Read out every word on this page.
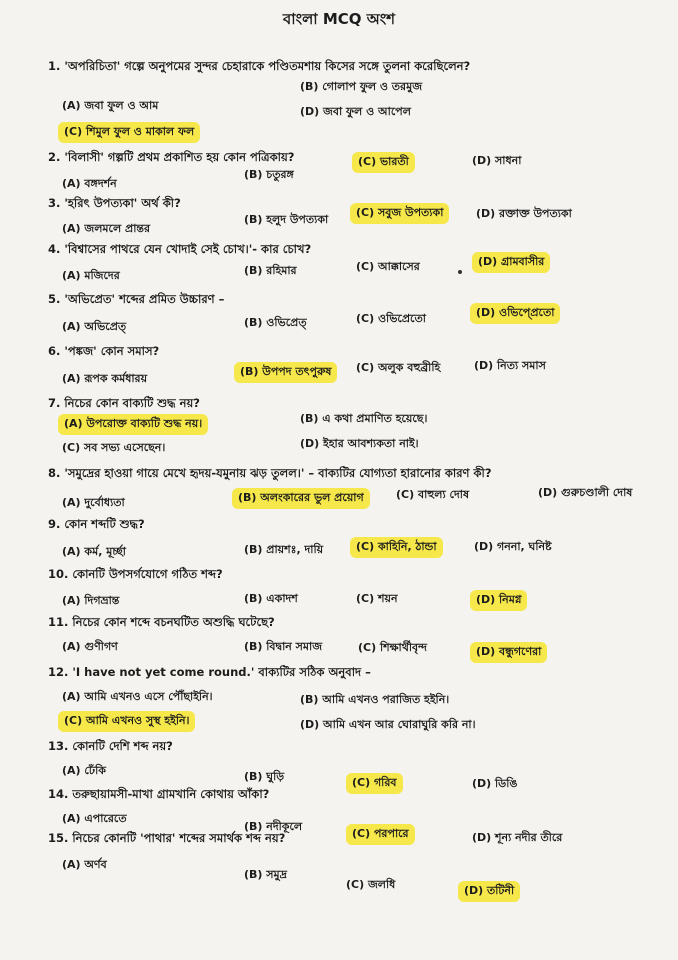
বাংলা MCQ অংশ
1. 'অপরিচিতা' গল্পে অনুপমের সুন্দর চেহারাকে পণ্ডিতমশায় কিসের সঙ্গে তুলনা করেছিলেন?
(A) জবা ফুল ও আম
(B) গোলাপ ফুল ও তরমুজ
(C) শিমুল ফুল ও মাকাল ফল
(D) জবা ফুল ও আপেল
2. 'বিলাসী' গল্পটি প্রথম প্রকাশিত হয় কোন পত্রিকায়?
(A) বঙ্গদর্শন
(B) চতুরঙ্গ
(C) ভারতী	(D) সাধনা
3. 'হরিৎ উপত্যকা' অর্থ কী?
(A) জলমলে প্রান্তর
(B) হলুদ উপত্যকা
(C) সবুজ উপত্যকা	(D) রক্তাক্ত উপত্যকা
4. 'বিশ্বাসের পাথরে যেন খোদাই সেই চোখ।'- কার চোখ?
(A) মজিদের	(B) রহিমার	(C) আক্কাসের	(D) গ্রামবাসীর
5. 'অভিপ্রেত' শব্দের প্রমিত উচ্চারণ –
(A) অভিপ্রেত্	(B) ওভিপ্রেত্	(C) ওভিপ্রেতো	(D) ওভিপ্প্রেতো
6. 'পঙ্কজ' কোন সমাস?
(A) রূপক কর্মধারয়
(B) উপপদ তৎপুরুষ	(C) অলুক বহুব্রীহি	(D) নিত্য সমাস
7. নিচের কোন বাক্যটি শুদ্ধ নয়?
(A) উপরোক্ত বাক্যটি শুদ্ধ নয়।	(B) এ কথা প্রমাণিত হয়েছে।
(C) সব সভ্য এসেছেন।	(D) ইহার আবশ্যকতা নাই।
8. 'সমুদ্রের হাওয়া গায়ে মেখে হৃদয়-যমুনায় ঝড় তুলল।' – বাক্যটির যোগ্যতা হারানোর কারণ কী?
(A) দুর্বোধ্যতা	(B) অলংকারের ভুল প্রয়োগ	(C) বাহুল্য দোষ	(D) গুরুচণ্ডালী দোষ
9. কোন শব্দটি শুদ্ধ?
(A) কর্ম, মূর্চ্ছা	(B) প্রায়শঃ, দায়ি	(C) কাহিনি, ঠান্ডা	(D) গননা, ঘনিষ্ট
10. কোনটি উপসর্গযোগে গঠিত শব্দ?
(A) দিগভ্রান্ত	(B) একাদশ	(C) শয়ন	(D) নিমগ্ন
11. নিচের কোন শব্দে বচনঘটিত অশুদ্ধি ঘটেছে?
(A) গুণীগণ	(B) বিদ্বান সমাজ	(C) শিক্ষার্থীবৃন্দ	(D) বন্ধুগণেরা
12. 'I have not yet come round.' বাক্যটির সঠিক অনুবাদ –
(A) আমি এখনও এসে পৌঁছাইনি।	(B) আমি এখনও পরাজিত হইনি।
(C) আমি এখনও সুস্থ হইনি।	(D) আমি এখন আর ঘোরাঘুরি করি না।
13. কোনটি দেশি শব্দ নয়?
(A) ঢেঁকি	(B) ঘুড়ি	(C) গরিব	(D) ডিঙি
14. তরুছায়ামসী-মাখা গ্রামখানি কোথায় আঁকা?
(A) এপারেতে
(B) নদীকূলে
(C) পরপারে	(D) শূন্য নদীর তীরে
15. নিচের কোনটি 'পাথার' শব্দের সমার্থক শব্দ নয়?
(A) অর্ণব
(B) সমুদ্র
(C) জলধি	(D) তটিনী
